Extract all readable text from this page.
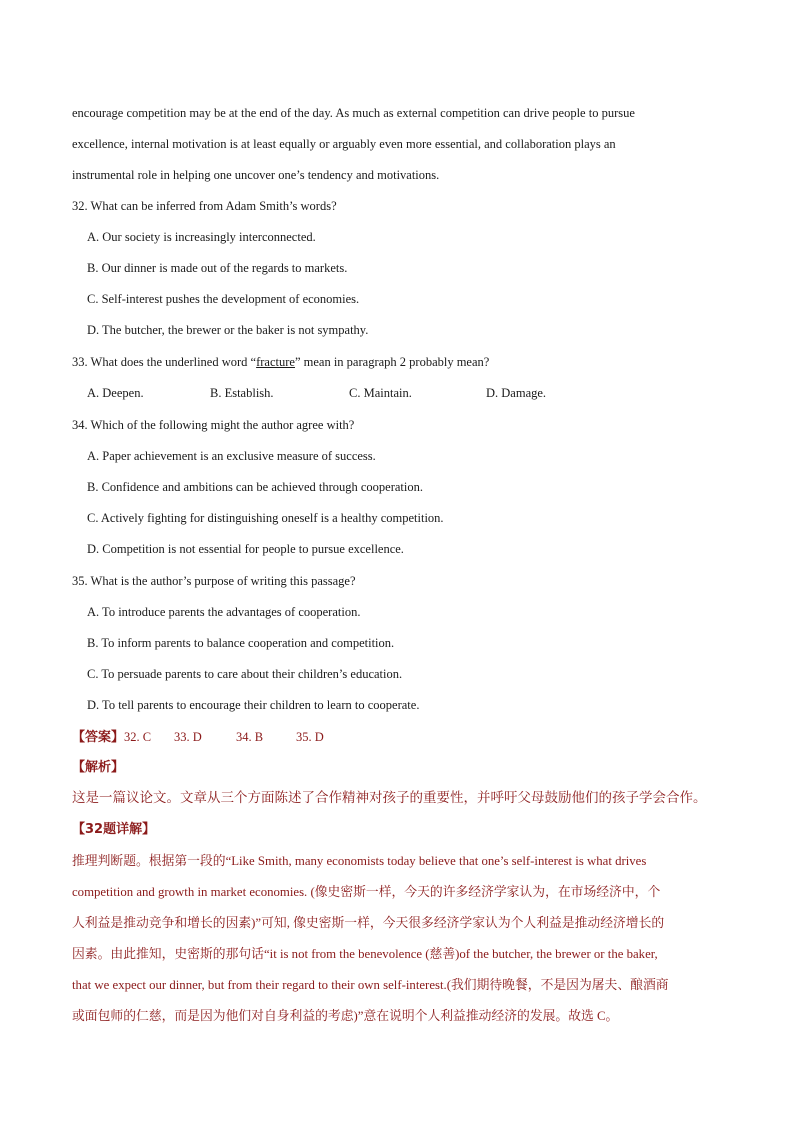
encourage competition may be at the end of the day. As much as external competition can drive people to pursue
excellence, internal motivation is at least equally or arguably even more essential, and collaboration plays an
instrumental role in helping one uncover one’s tendency and motivations.
32. What can be inferred from Adam Smith’s words?
A. Our society is increasingly interconnected.
B. Our dinner is made out of the regards to markets.
C. Self-interest pushes the development of economies.
D. The butcher, the brewer or the baker is not sympathy.
33. What does the underlined word “fracture” mean in paragraph 2 probably mean?
A. Deepen.	B. Establish.	C. Maintain.	D. Damage.
34. Which of the following might the author agree with?
A. Paper achievement is an exclusive measure of success.
B. Confidence and ambitions can be achieved through cooperation.
C. Actively fighting for distinguishing oneself is a healthy competition.
D. Competition is not essential for people to pursue excellence.
35. What is the author’s purpose of writing this passage?
A. To introduce parents the advantages of cooperation.
B. To inform parents to balance cooperation and competition.
C. To persuade parents to care about their children’s education.
D. To tell parents to encourage their children to learn to cooperate.
【答案】32. C 33. D	34. B	35. D
【解析】
这是一篇议论文。文章从三个方面陈述了合作精神对孩子的重要性，并呼吁父母鼓励他们的孩子学会合作。
【32题详解】
推理判断题。根据第一段的“Like Smith, many economists today believe that one’s self-interest is what drives
competition and growth in market economies. (像史密斯一样，今天的许多经济学家认为，在市场经济中，个
人利益是推动竞争和增长的因素)”可知, 像史密斯一样，今天很多经济学家认为个人利益是推动经济增长的
因素。由此推知，史密斯的那句话“it is not from the benevolence (慈善)of the butcher, the brewer or the baker,
that we expect our dinner, but from their regard to their own self-interest.(我们期待晚餐，不是因为屠夫、酿酒商
或面包师的仁慈，而是因为他们对自身利益的考虑)”意在说明个人利益推动经济的发展。故选 C。
